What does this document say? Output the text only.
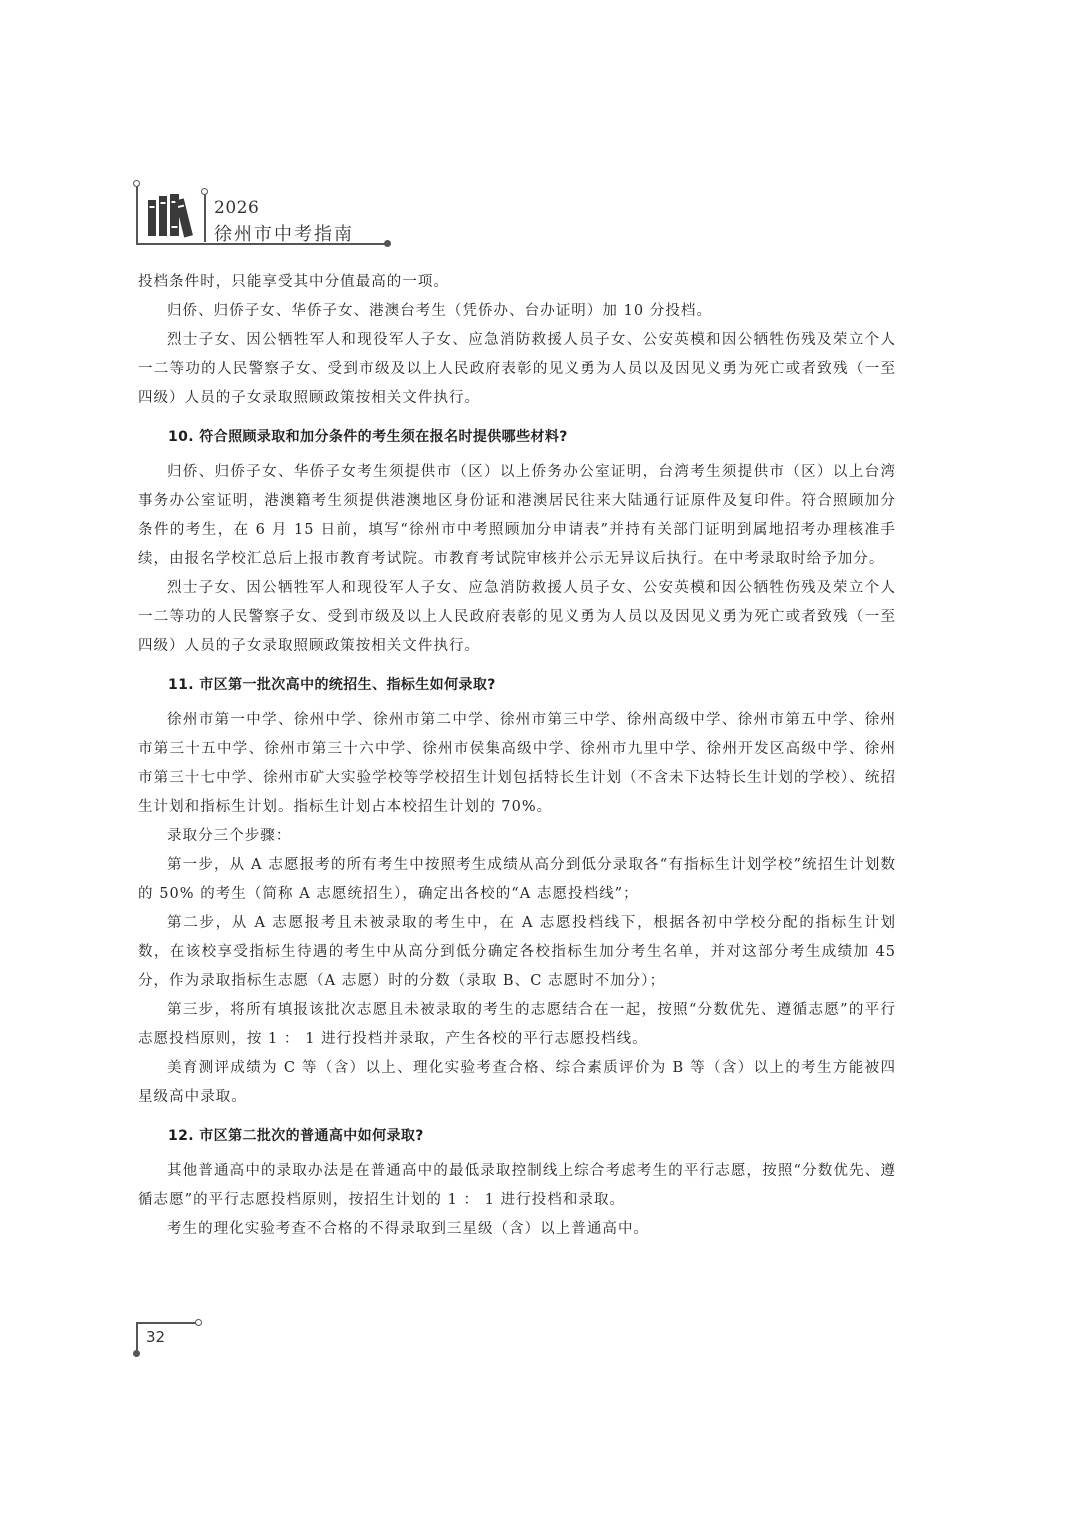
2026
徐州市中考指南

投档条件时，只能享受其中分值最高的一项。

归侨、归侨子女、华侨子女、港澳台考生（凭侨办、台办证明）加 10 分投档。

烈士子女、因公牺牲军人和现役军人子女、应急消防救援人员子女、公安英模和因公牺牲伤残及荣立个人一二等功的人民警察子女、受到市级及以上人民政府表彰的见义勇为人员以及因见义勇为死亡或者致残（一至四级）人员的子女录取照顾政策按相关文件执行。

10. 符合照顾录取和加分条件的考生须在报名时提供哪些材料?

归侨、归侨子女、华侨子女考生须提供市（区）以上侨务办公室证明，台湾考生须提供市（区）以上台湾事务办公室证明，港澳籍考生须提供港澳地区身份证和港澳居民往来大陆通行证原件及复印件。符合照顾加分条件的考生，在 6 月 15 日前，填写“徐州市中考照顾加分申请表”并持有关部门证明到属地招考办理核准手续，由报名学校汇总后上报市教育考试院。市教育考试院审核并公示无异议后执行。在中考录取时给予加分。

烈士子女、因公牺牲军人和现役军人子女、应急消防救援人员子女、公安英模和因公牺牲伤残及荣立个人一二等功的人民警察子女、受到市级及以上人民政府表彰的见义勇为人员以及因见义勇为死亡或者致残（一至四级）人员的子女录取照顾政策按相关文件执行。

11. 市区第一批次高中的统招生、指标生如何录取?

徐州市第一中学、徐州中学、徐州市第二中学、徐州市第三中学、徐州高级中学、徐州市第五中学、徐州市第三十五中学、徐州市第三十六中学、徐州市侯集高级中学、徐州市九里中学、徐州开发区高级中学、徐州市第三十七中学、徐州市矿大实验学校等学校招生计划包括特长生计划（不含未下达特长生计划的学校）、统招生计划和指标生计划。指标生计划占本校招生计划的 70%。

录取分三个步骤：

第一步，从 A 志愿报考的所有考生中按照考生成绩从高分到低分录取各“有指标生计划学校”统招生计划数的 50% 的考生（简称 A 志愿统招生），确定出各校的“A 志愿投档线”；

第二步，从 A 志愿报考且未被录取的考生中，在 A 志愿投档线下，根据各初中学校分配的指标生计划数，在该校享受指标生待遇的考生中从高分到低分确定各校指标生加分考生名单，并对这部分考生成绩加 45 分，作为录取指标生志愿（A 志愿）时的分数（录取 B、C 志愿时不加分）；

第三步，将所有填报该批次志愿且未被录取的考生的志愿结合在一起，按照“分数优先、遵循志愿”的平行志愿投档原则，按 1 ： 1 进行投档并录取，产生各校的平行志愿投档线。

美育测评成绩为 C 等（含）以上、理化实验考查合格、综合素质评价为 B 等（含）以上的考生方能被四星级高中录取。

12. 市区第二批次的普通高中如何录取?

其他普通高中的录取办法是在普通高中的最低录取控制线上综合考虑考生的平行志愿，按照“分数优先、遵循志愿”的平行志愿投档原则，按招生计划的 1 ： 1 进行投档和录取。

考生的理化实验考查不合格的不得录取到三星级（含）以上普通高中。

32
